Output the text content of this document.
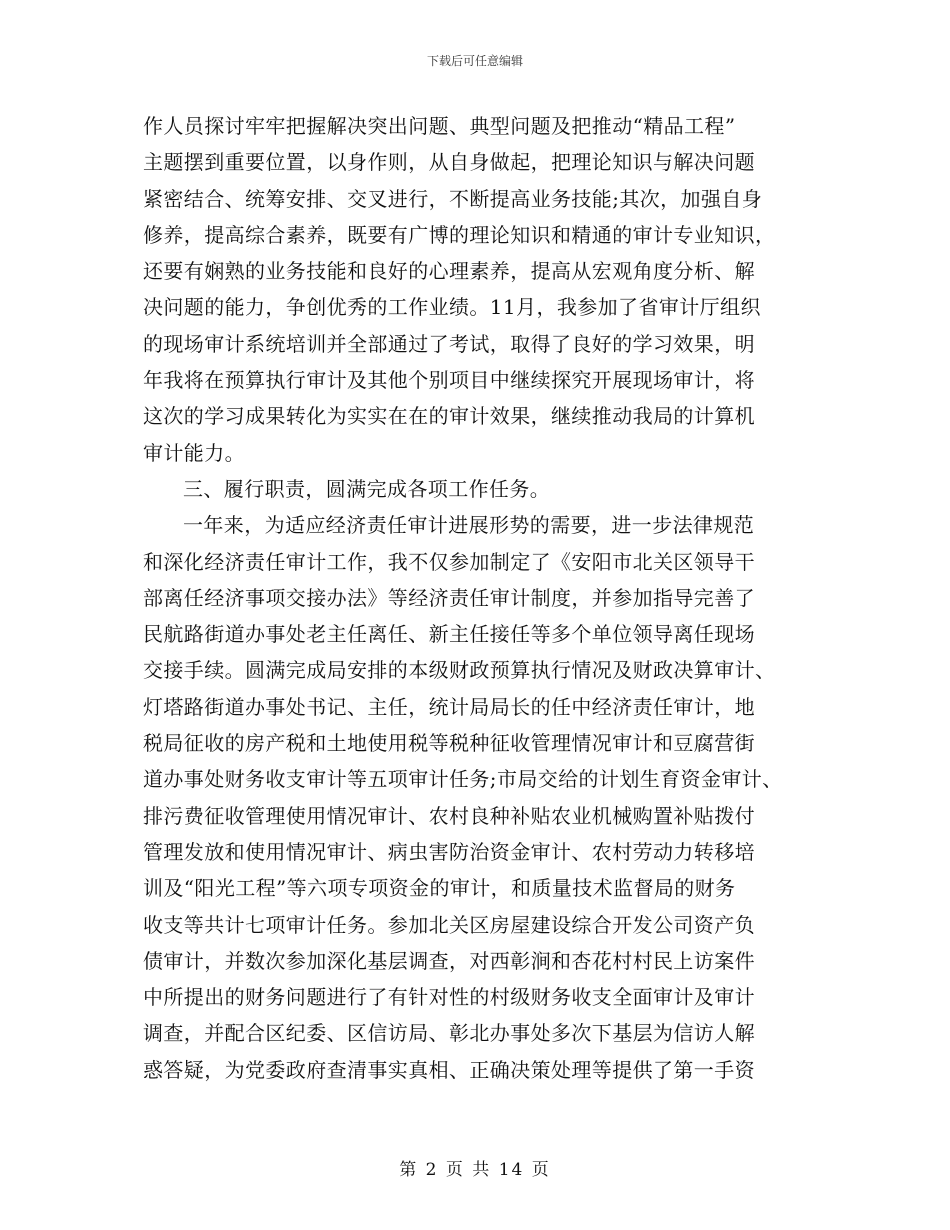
下载后可任意编辑
作人员探讨牢牢把握解决突出问题、典型问题及把推动“精品工程”
主题摆到重要位置，以身作则，从自身做起，把理论知识与解决问题
紧密结合、统筹安排、交叉进行，不断提高业务技能;其次，加强自身
修养，提高综合素养，既要有广博的理论知识和精通的审计专业知识，
还要有娴熟的业务技能和良好的心理素养，提高从宏观角度分析、解
决问题的能力，争创优秀的工作业绩。11月，我参加了省审计厅组织
的现场审计系统培训并全部通过了考试，取得了良好的学习效果，明
年我将在预算执行审计及其他个别项目中继续探究开展现场审计，将
这次的学习成果转化为实实在在的审计效果，继续推动我局的计算机
审计能力。
三、履行职责，圆满完成各项工作任务。
一年来，为适应经济责任审计进展形势的需要，进一步法律规范
和深化经济责任审计工作，我不仅参加制定了《安阳市北关区领导干
部离任经济事项交接办法》等经济责任审计制度，并参加指导完善了
民航路街道办事处老主任离任、新主任接任等多个单位领导离任现场
交接手续。圆满完成局安排的本级财政预算执行情况及财政决算审计、
灯塔路街道办事处书记、主任，统计局局长的任中经济责任审计，地
税局征收的房产税和土地使用税等税种征收管理情况审计和豆腐营街
道办事处财务收支审计等五项审计任务;市局交给的计划生育资金审计、
排污费征收管理使用情况审计、农村良种补贴农业机械购置补贴拨付
管理发放和使用情况审计、病虫害防治资金审计、农村劳动力转移培
训及“阳光工程”等六项专项资金的审计，和质量技术监督局的财务
收支等共计七项审计任务。参加北关区房屋建设综合开发公司资产负
债审计，并数次参加深化基层调查，对西彰涧和杏花村村民上访案件
中所提出的财务问题进行了有针对性的村级财务收支全面审计及审计
调查，并配合区纪委、区信访局、彰北办事处多次下基层为信访人解
惑答疑，为党委政府查清事实真相、正确决策处理等提供了第一手资
第 2 页 共 14 页
